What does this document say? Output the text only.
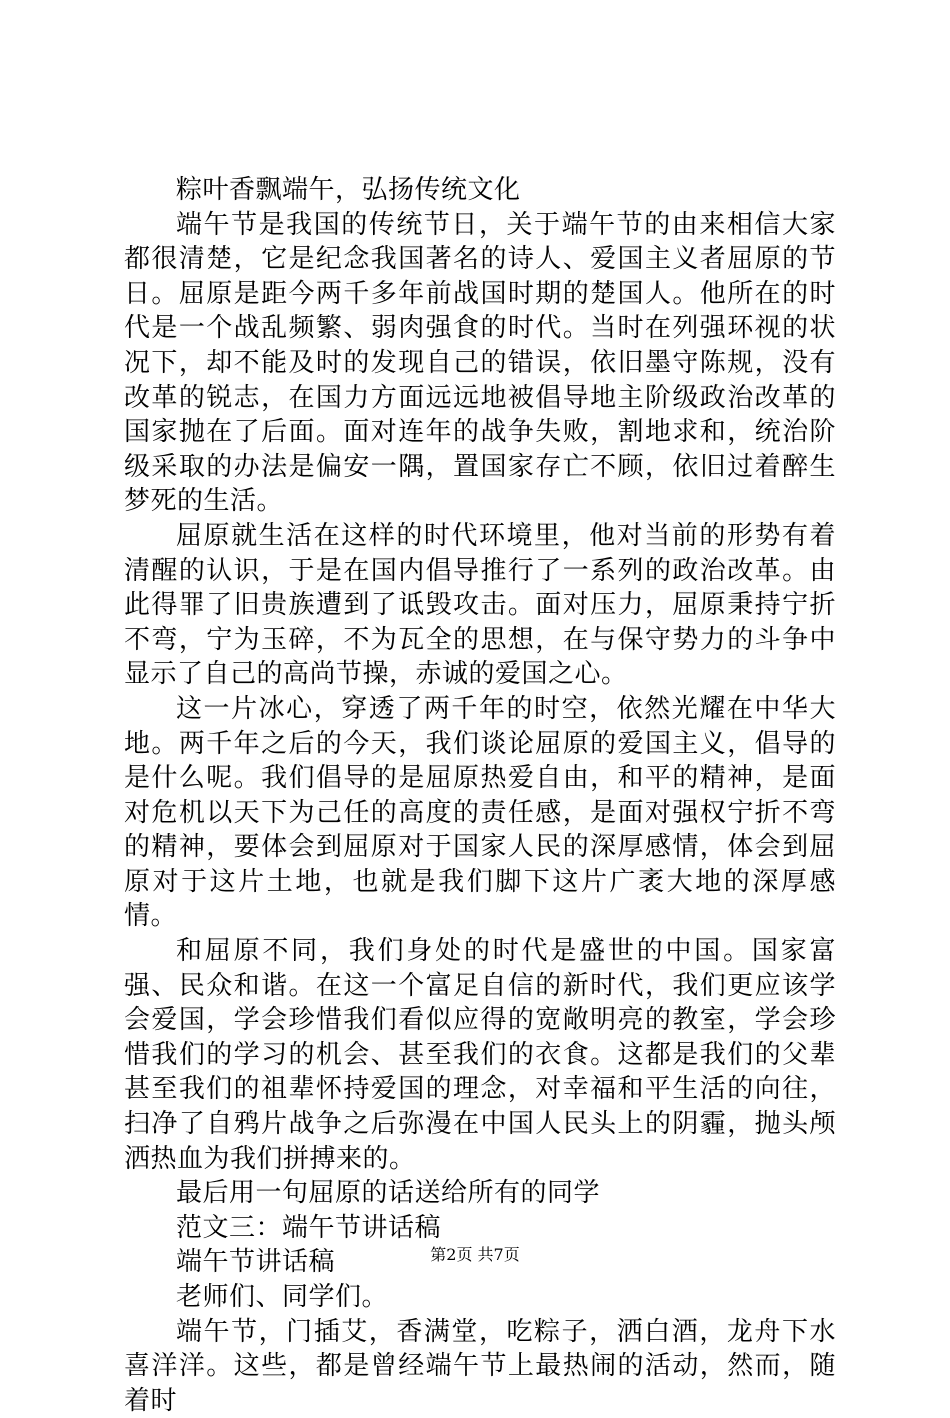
粽叶香飘端午，弘扬传统文化

端午节是我国的传统节日，关于端午节的由来相信大家都很清楚，它是纪念我国著名的诗人、爱国主义者屈原的节日。屈原是距今两千多年前战国时期的楚国人。他所在的时代是一个战乱频繁、弱肉强食的时代。当时在列强环视的状况下，却不能及时的发现自己的错误，依旧墨守陈规，没有改革的锐志，在国力方面远远地被倡导地主阶级政治改革的国家抛在了后面。面对连年的战争失败，割地求和，统治阶级采取的办法是偏安一隅，置国家存亡不顾，依旧过着醉生梦死的生活。

屈原就生活在这样的时代环境里，他对当前的形势有着清醒的认识，于是在国内倡导推行了一系列的政治改革。由此得罪了旧贵族遭到了诋毁攻击。面对压力，屈原秉持宁折不弯，宁为玉碎，不为瓦全的思想，在与保守势力的斗争中显示了自己的高尚节操，赤诚的爱国之心。

这一片冰心，穿透了两千年的时空，依然光耀在中华大地。两千年之后的今天，我们谈论屈原的爱国主义，倡导的是什么呢。我们倡导的是屈原热爱自由，和平的精神，是面对危机以天下为己任的高度的责任感，是面对强权宁折不弯的精神，要体会到屈原对于国家人民的深厚感情，体会到屈原对于这片土地，也就是我们脚下这片广袤大地的深厚感情。

和屈原不同，我们身处的时代是盛世的中国。国家富强、民众和谐。在这一个富足自信的新时代，我们更应该学会爱国，学会珍惜我们看似应得的宽敞明亮的教室，学会珍惜我们的学习的机会、甚至我们的衣食。这都是我们的父辈甚至我们的祖辈怀持爱国的理念，对幸福和平生活的向往，扫净了自鸦片战争之后弥漫在中国人民头上的阴霾，抛头颅洒热血为我们拼搏来的。

最后用一句屈原的话送给所有的同学

范文三：端午节讲话稿

端午节讲话稿

老师们、同学们。

端午节，门插艾，香满堂，吃粽子，洒白酒，龙舟下水喜洋洋。这些，都是曾经端午节上最热闹的活动，然而，随着时

第2页 共7页
